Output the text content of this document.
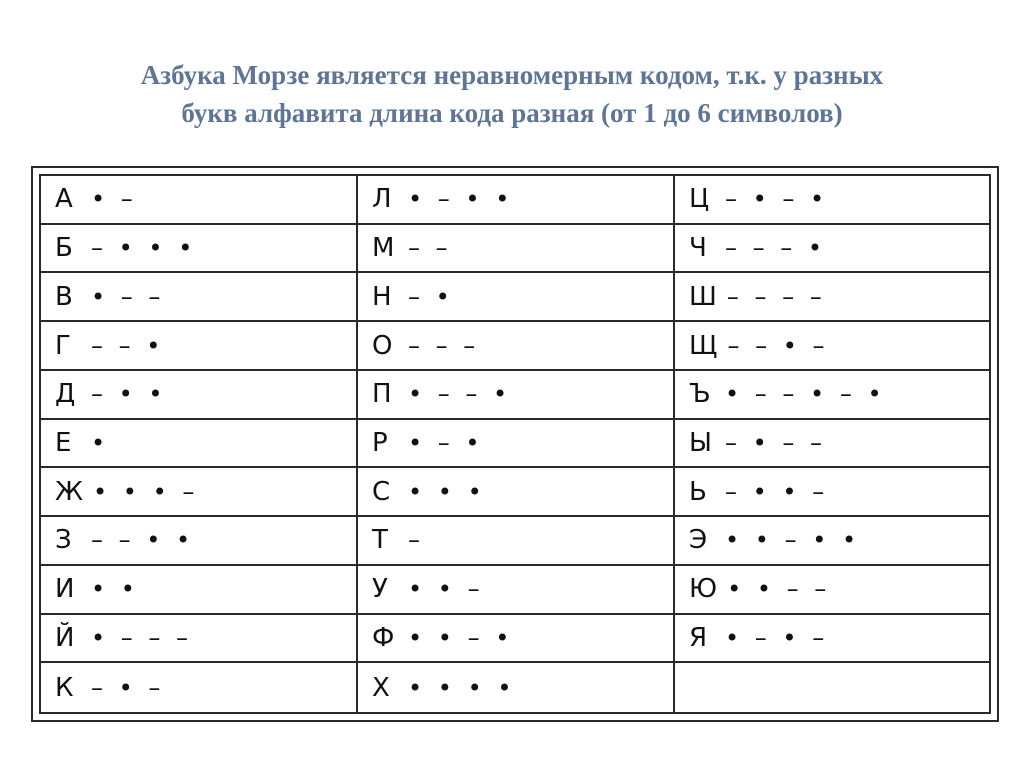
Азбука Морзе является неравномерным кодом, т.к. у разных
букв алфавита длина кода разная (от 1 до 6 символов)
А • –	Л • – • •	Ц – • – •
Б – • • •	М – –	Ч – – – •
В • – –	Н – •	Ш – – – –
Г – – •	О – – –	Щ – – • –
Д – • •	П • – – •	Ъ • – – • – •
Е •	Р • – •	Ы – • – –
Ж • • • –	С • • •	Ь – • • –
З – – • •	Т –	Э • • – • •
И • •	У • • –	Ю • • – –
Й • – – –	Ф • • – •	Я • – • –
К – • –	Х • • • •
